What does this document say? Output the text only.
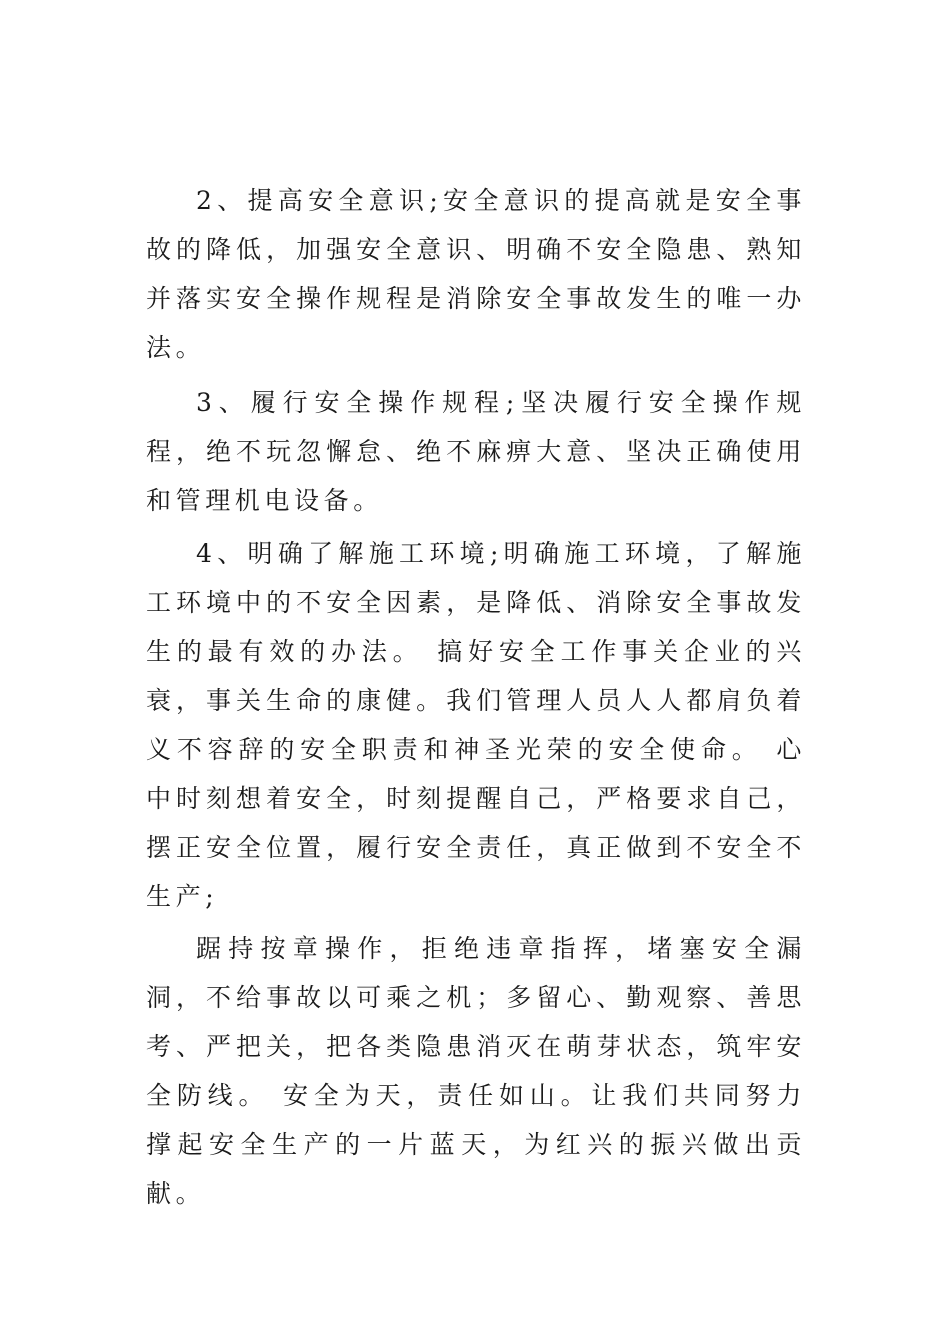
2、提高安全意识;安全意识的提高就是安全事故的降低，加强安全意识、明确不安全隐患、熟知并落实安全操作规程是消除安全事故发生的唯一办法。

3、履行安全操作规程;坚决履行安全操作规程，绝不玩忽懈怠、绝不麻痹大意、坚决正确使用和管理机电设备。

4、明确了解施工环境;明确施工环境，了解施工环境中的不安全因素，是降低、消除安全事故发生的最有效的办法。 搞好安全工作事关企业的兴衰，事关生命的康健。我们管理人员人人都肩负着义不容辞的安全职责和神圣光荣的安全使命。 心中时刻想着安全，时刻提醒自己，严格要求自己，摆正安全位置，履行安全责任，真正做到不安全不生产;

踞持按章操作，拒绝违章指挥，堵塞安全漏洞，不给事故以可乘之机；多留心、勤观察、善思考、严把关，把各类隐患消灭在萌芽状态，筑牢安全防线。 安全为天，责任如山。让我们共同努力撑起安全生产的一片蓝天，为红兴的振兴做出贡献。
